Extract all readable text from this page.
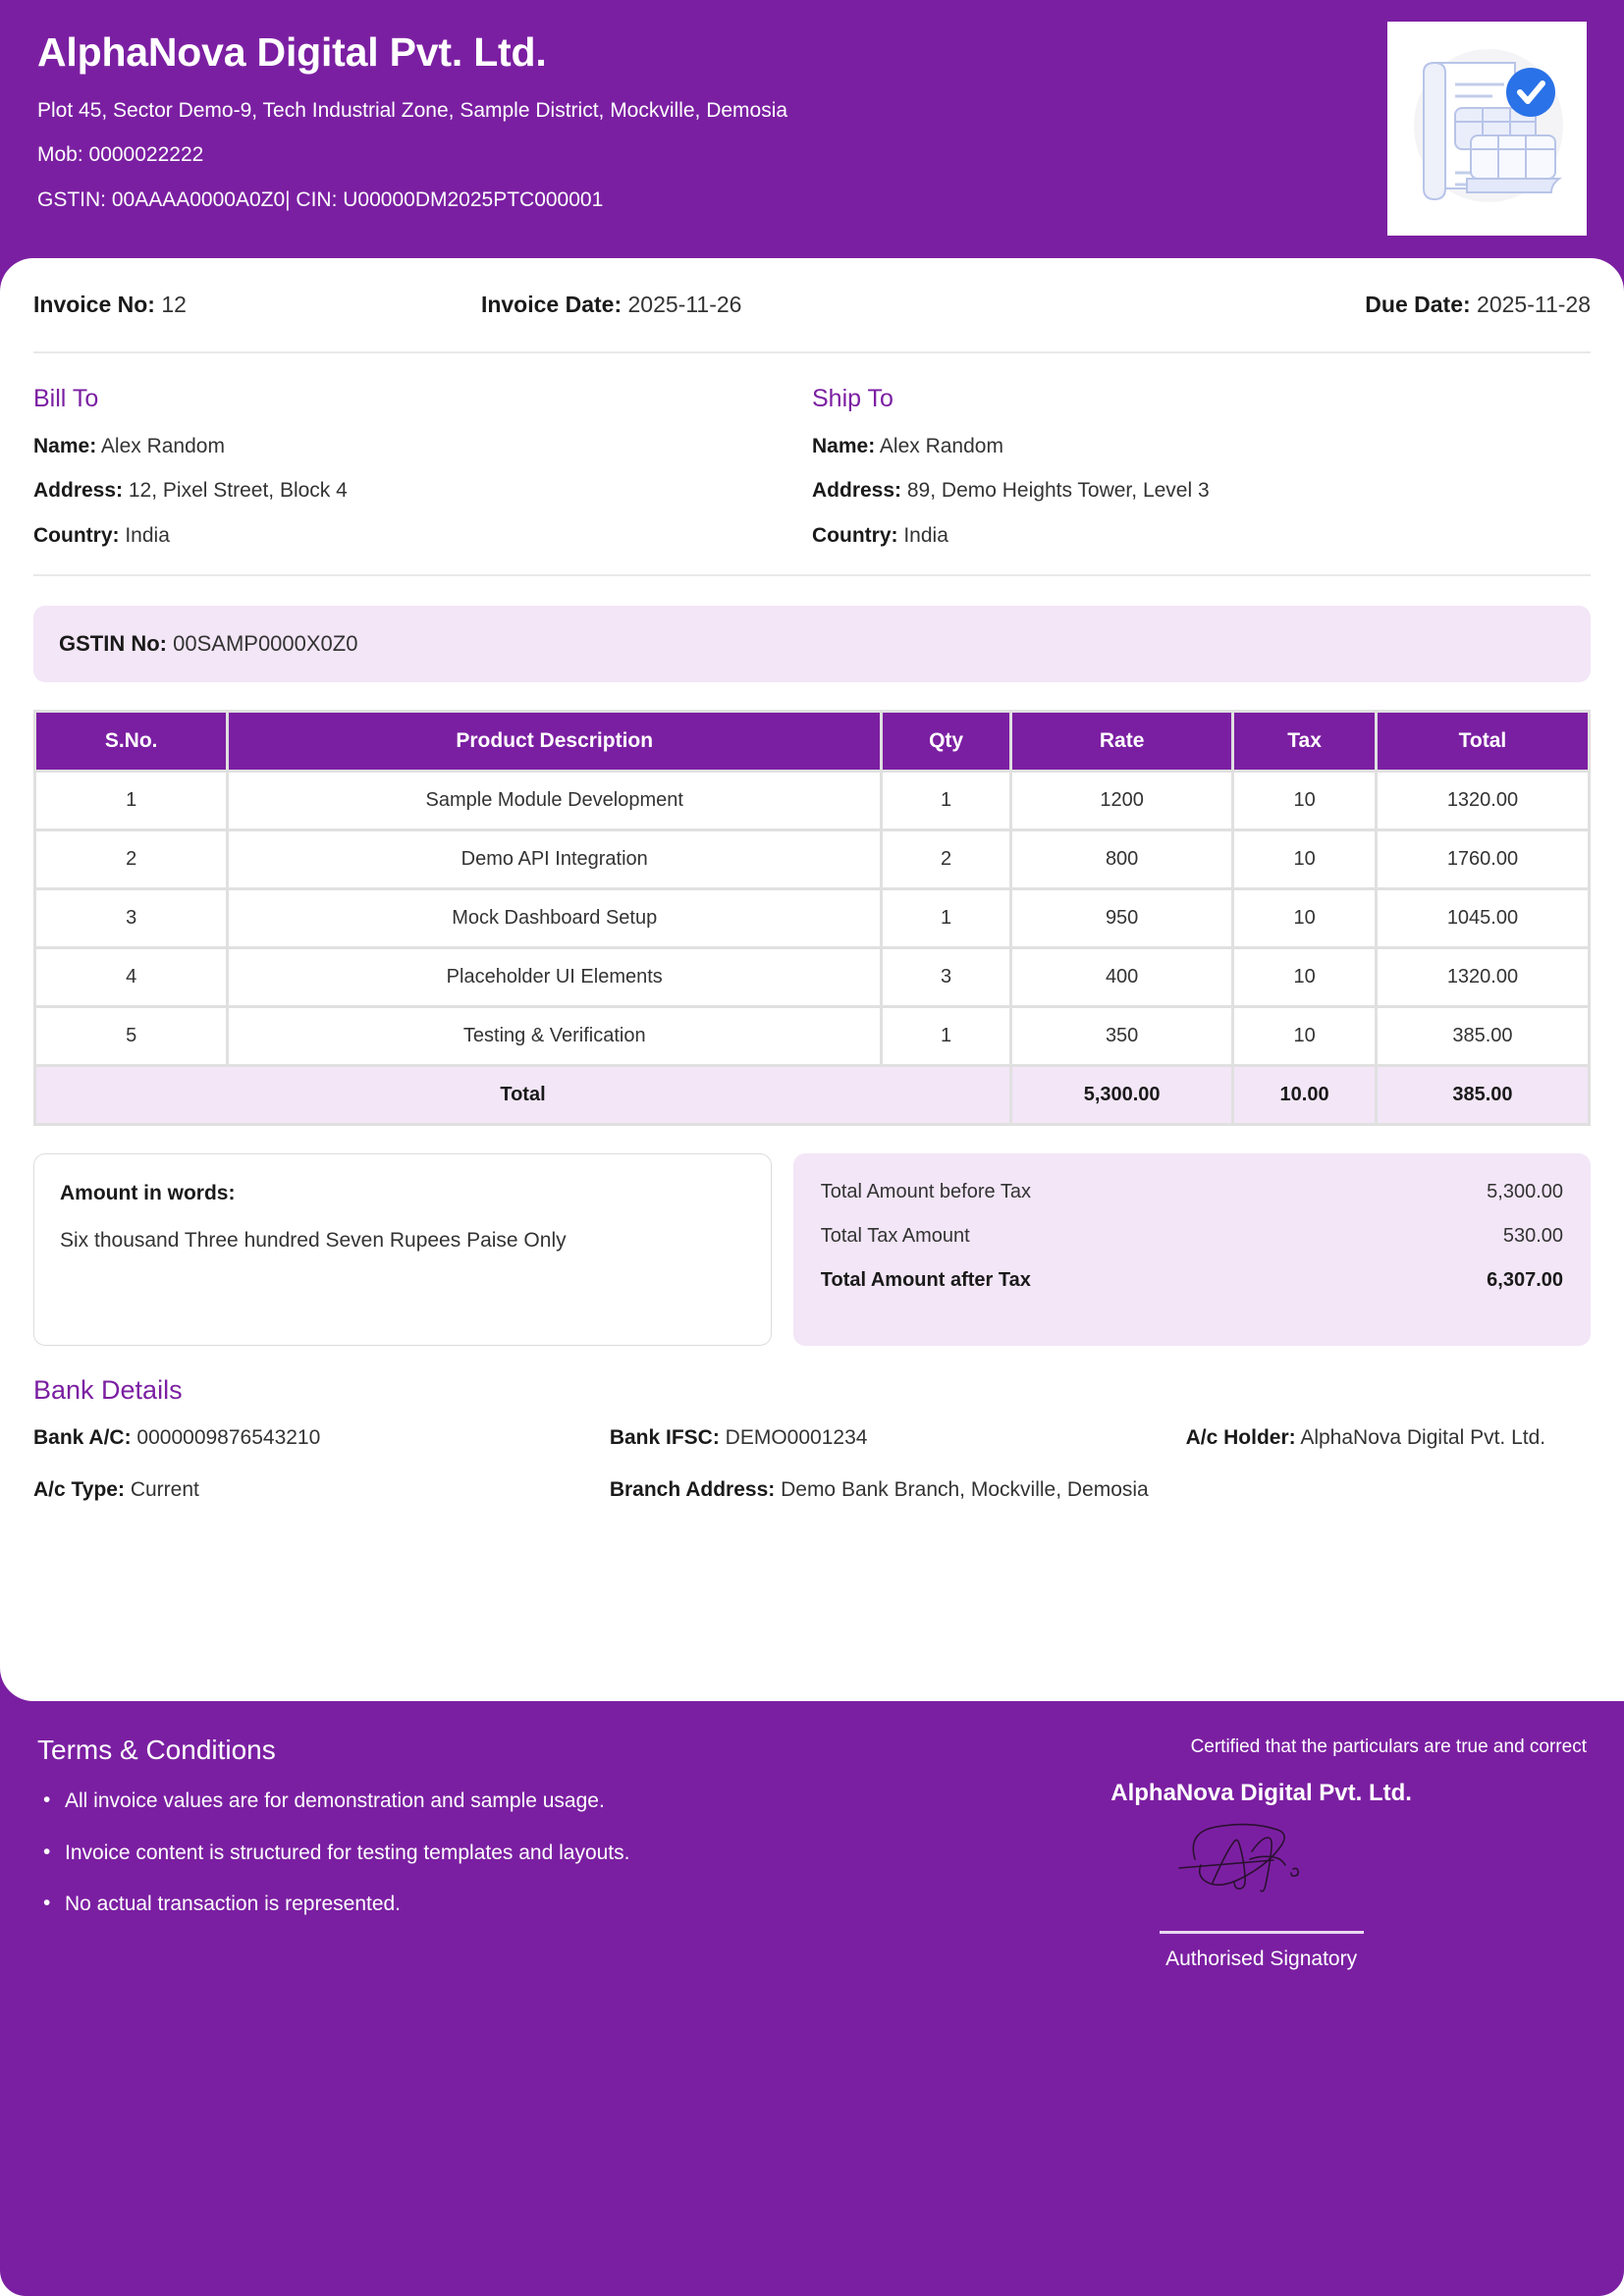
AlphaNova Digital Pvt. Ltd.
Plot 45, Sector Demo-9, Tech Industrial Zone, Sample District, Mockville, Demosia
Mob: 0000022222
GSTIN: 00AAAA0000A0Z0| CIN: U00000DM2025PTC000001
Invoice No: 12	Invoice Date: 2025-11-26	Due Date: 2025-11-28
Bill To
Name: Alex Random
Address: 12, Pixel Street, Block 4
Country: India
Ship To
Name: Alex Random
Address: 89, Demo Heights Tower, Level 3
Country: India
GSTIN No: 00SAMP0000X0Z0
S.No.	Product Description	Qty	Rate	Tax	Total
1	Sample Module Development	1	1200	10	1320.00
2	Demo API Integration	2	800	10	1760.00
3	Mock Dashboard Setup	1	950	10	1045.00
4	Placeholder UI Elements	3	400	10	1320.00
5	Testing & Verification	1	350	10	385.00
Total			5,300.00	10.00	385.00
Amount in words:
Six thousand Three hundred Seven Rupees Paise Only
Total Amount before Tax	5,300.00
Total Tax Amount	530.00
Total Amount after Tax	6,307.00
Bank Details
Bank A/C: 0000009876543210	Bank IFSC: DEMO0001234	A/c Holder: AlphaNova Digital Pvt. Ltd.
A/c Type: Current	Branch Address: Demo Bank Branch, Mockville, Demosia
Terms & Conditions
• All invoice values are for demonstration and sample usage.
• Invoice content is structured for testing templates and layouts.
• No actual transaction is represented.
Certified that the particulars are true and correct
AlphaNova Digital Pvt. Ltd.
Authorised Signatory
